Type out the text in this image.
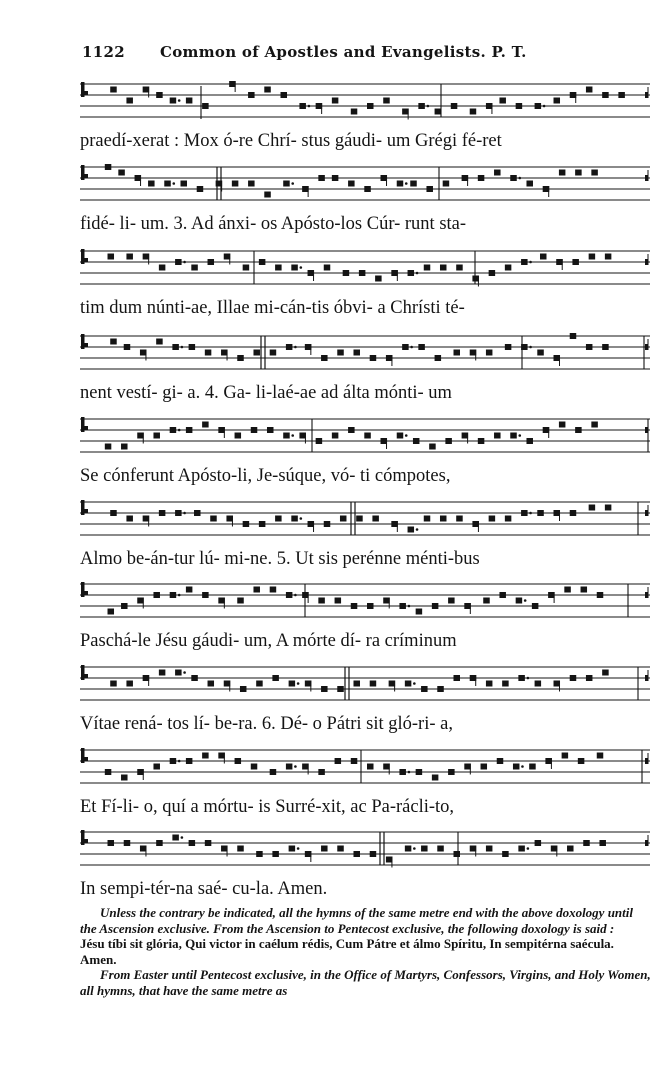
1122 Common of Apostles and Evangelists. P. T.
praedí-xerat : Mox ó-re Chrí- stus gáudi- um Grégi fé-ret
fidé- li- um. 3. Ad ánxi- os Apósto-los Cúr- runt sta-
tim dum núnti-ae, Illae mi-cán-tis óbvi- a Chrísti té-
nent vestí- gi- a. 4. Ga- li-laé-ae ad álta mónti- um
Se cónferunt Apósto-li, Je-súque, vó- ti cómpotes,
Almo be-án-tur lú- mi-ne. 5. Ut sis perénne ménti-bus
Paschá-le Jésu gáudi- um, A mórte dí- ra críminum
Vítae rená- tos lí- be-ra. 6. Dé- o Pátri sit gló-ri- a,
Et Fí-li- o, quí a mórtu- is Surré-xit, ac Pa-rácli-to,
In sempi-tér-na saé- cu-la. Amen.

Unless the contrary be indicated, all the hymns of the same metre end with the above doxology until the Ascension exclusive. From the Ascension to Pentecost exclusive, the following doxology is said :

Jésu tíbi sit glória, Qui victor in caélum rédis, Cum Pátre et álmo Spíritu, In sempitérna saécula. Amen.

From Easter until Pentecost exclusive, in the Office of Martyrs, Confessors, Virgins, and Holy Women, all hymns, that have the same metre as
